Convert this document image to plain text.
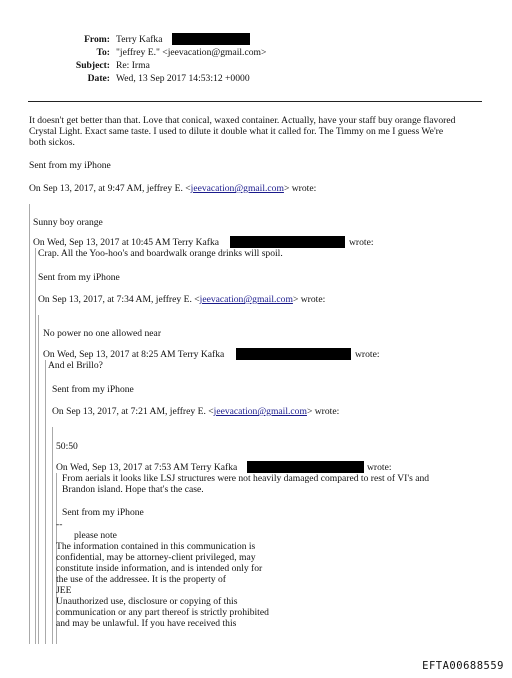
From: Terry Kafka
To: "jeffrey E." <jeevacation@gmail.com>
Subject: Re: Irma
Date: Wed, 13 Sep 2017 14:53:12 +0000
It doesn't get better than that. Love that conical, waxed container. Actually, have your staff buy orange flavored
Crystal Light. Exact same taste. I used to dilute it double what it called for. The Timmy on me I guess We're
both sickos.
Sent from my iPhone
On Sep 13, 2017, at 9:47 AM, jeffrey E. <jeevacation@gmail.com> wrote:
Sunny boy orange
On Wed, Sep 13, 2017 at 10:45 AM Terry Kafka	wrote:
Crap. All the Yoo-hoo's and boardwalk orange drinks will spoil.
Sent from my iPhone
On Sep 13, 2017, at 7:34 AM, jeffrey E. <jeevacation@gmail.com> wrote:
No power no one allowed near
On Wed, Sep 13, 2017 at 8:25 AM Terry Kafka	wrote:
And el Brillo?
Sent from my iPhone
On Sep 13, 2017, at 7:21 AM, jeffrey E. <jeevacation@gmail.com> wrote:
50:50
On Wed, Sep 13, 2017 at 7:53 AM Terry Kafka	wrote:
From aerials it looks like LSJ structures were not heavily damaged compared to rest of VI's and
Brandon island. Hope that's the case.
Sent from my iPhone
--
please note
The information contained in this communication is
confidential, may be attorney-client privileged, may
constitute inside information, and is intended only for
the use of the addressee. It is the property of
JEE
Unauthorized use, disclosure or copying of this
communication or any part thereof is strictly prohibited
and may be unlawful. If you have received this
EFTA00688559
